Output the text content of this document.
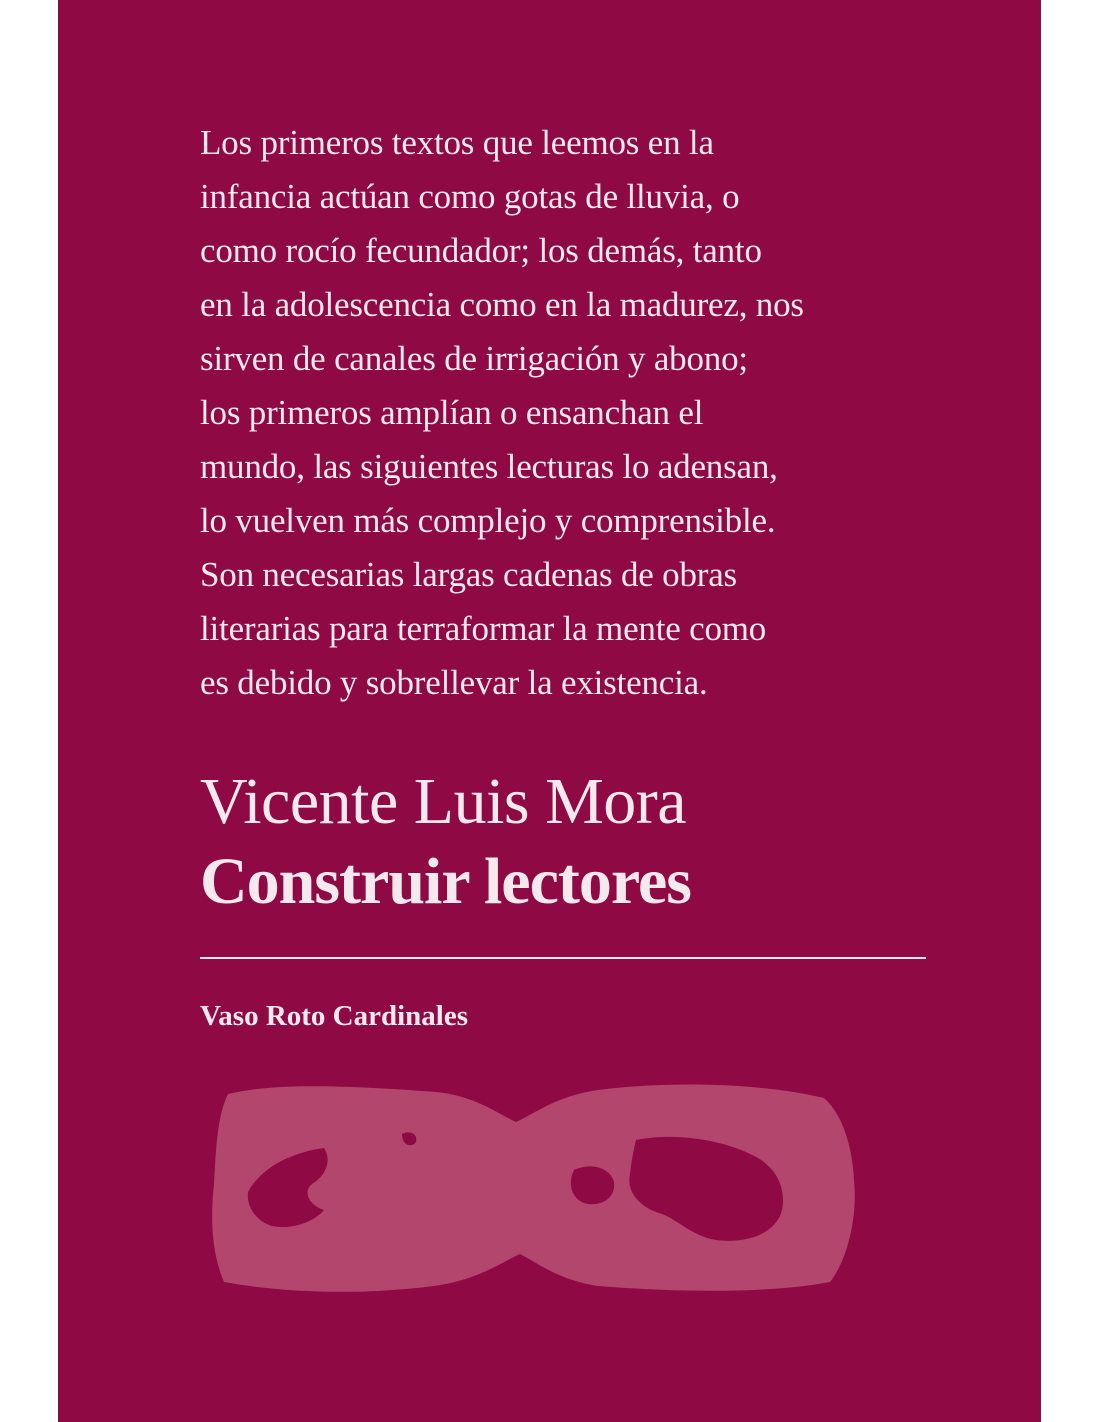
Los primeros textos que leemos en la
infancia actúan como gotas de lluvia, o
como rocío fecundador; los demás, tanto
en la adolescencia como en la madurez, nos
sirven de canales de irrigación y abono;
los primeros amplían o ensanchan el
mundo, las siguientes lecturas lo adensan,
lo vuelven más complejo y comprensible.
Son necesarias largas cadenas de obras
literarias para terraformar la mente como
es debido y sobrellevar la existencia.

Vicente Luis Mora
Construir lectores

Vaso Roto Cardinales
